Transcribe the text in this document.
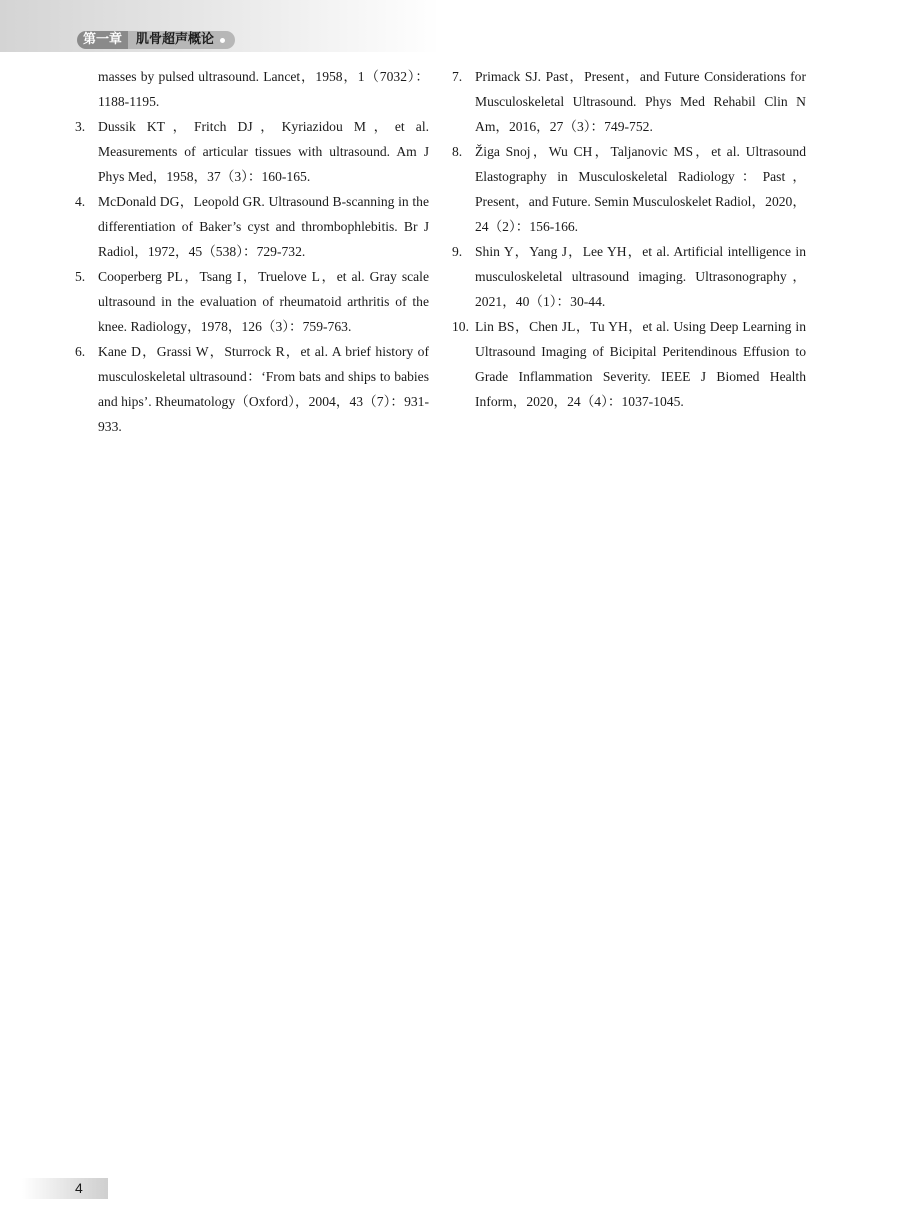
第一章	肌骨超声概论
masses by pulsed ultrasound. Lancet，1958，1（7032）：1188-1195.
3. Dussik KT，Fritch DJ，Kyriazidou M，et al. Measurements of articular tissues with ultrasound. Am J Phys Med，1958，37（3）：160-165.
4. McDonald DG，Leopold GR. Ultrasound B-scanning in the differentiation of Baker’s cyst and thrombophlebitis. Br J Radiol，1972，45（538）：729-732.
5. Cooperberg PL，Tsang I，Truelove L，et al. Gray scale ultrasound in the evaluation of rheumatoid arthritis of the knee. Radiology，1978，126（3）：759-763.
6. Kane D，Grassi W，Sturrock R，et al. A brief history of musculoskeletal ultrasound：‘From bats and ships to babies and hips’. Rheumatology（Oxford），2004，43（7）：931-933.
7. Primack SJ. Past，Present，and Future Considerations for Musculoskeletal Ultrasound. Phys Med Rehabil Clin N Am，2016，27（3）：749-752.
8. Žiga Snoj，Wu CH，Taljanovic MS，et al. Ultrasound Elastography in Musculoskeletal Radiology：Past，Present，and Future. Semin Musculoskelet Radiol，2020，24（2）：156-166.
9. Shin Y，Yang J，Lee YH，et al. Artificial intelligence in musculoskeletal ultrasound imaging. Ultrasonography，2021，40（1）：30-44.
10. Lin BS，Chen JL，Tu YH，et al. Using Deep Learning in Ultrasound Imaging of Bicipital Peritendinous Effusion to Grade Inflammation Severity. IEEE J Biomed Health Inform，2020，24（4）：1037-1045.
4
